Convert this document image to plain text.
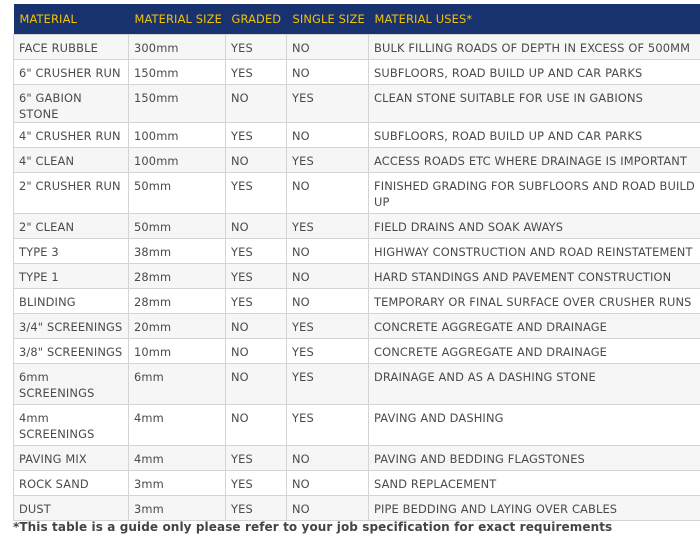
MATERIAL	MATERIAL SIZE	GRADED	SINGLE SIZE	MATERIAL USES*
FACE RUBBLE	300mm	YES	NO	BULK FILLING ROADS OF DEPTH IN EXCESS OF 500MM
6" CRUSHER RUN	150mm	YES	NO	SUBFLOORS, ROAD BUILD UP AND CAR PARKS
6" GABION STONE	150mm	NO	YES	CLEAN STONE SUITABLE FOR USE IN GABIONS
4" CRUSHER RUN	100mm	YES	NO	SUBFLOORS, ROAD BUILD UP AND CAR PARKS
4" CLEAN	100mm	NO	YES	ACCESS ROADS ETC WHERE DRAINAGE IS IMPORTANT
2" CRUSHER RUN	50mm	YES	NO	FINISHED GRADING FOR SUBFLOORS AND ROAD BUILD UP
2" CLEAN	50mm	NO	YES	FIELD DRAINS AND SOAK AWAYS
TYPE 3	38mm	YES	NO	HIGHWAY CONSTRUCTION AND ROAD REINSTATEMENT
TYPE 1	28mm	YES	NO	HARD STANDINGS AND PAVEMENT CONSTRUCTION
BLINDING	28mm	YES	NO	TEMPORARY OR FINAL SURFACE OVER CRUSHER RUNS
3/4" SCREENINGS	20mm	NO	YES	CONCRETE AGGREGATE AND DRAINAGE
3/8" SCREENINGS	10mm	NO	YES	CONCRETE AGGREGATE AND DRAINAGE
6mm SCREENINGS	6mm	NO	YES	DRAINAGE AND AS A DASHING STONE
4mm SCREENINGS	4mm	NO	YES	PAVING AND DASHING
PAVING MIX	4mm	YES	NO	PAVING AND BEDDING FLAGSTONES
ROCK SAND	3mm	YES	NO	SAND REPLACEMENT
DUST	3mm	YES	NO	PIPE BEDDING AND LAYING OVER CABLES
*This table is a guide only please refer to your job specification for exact requirements
